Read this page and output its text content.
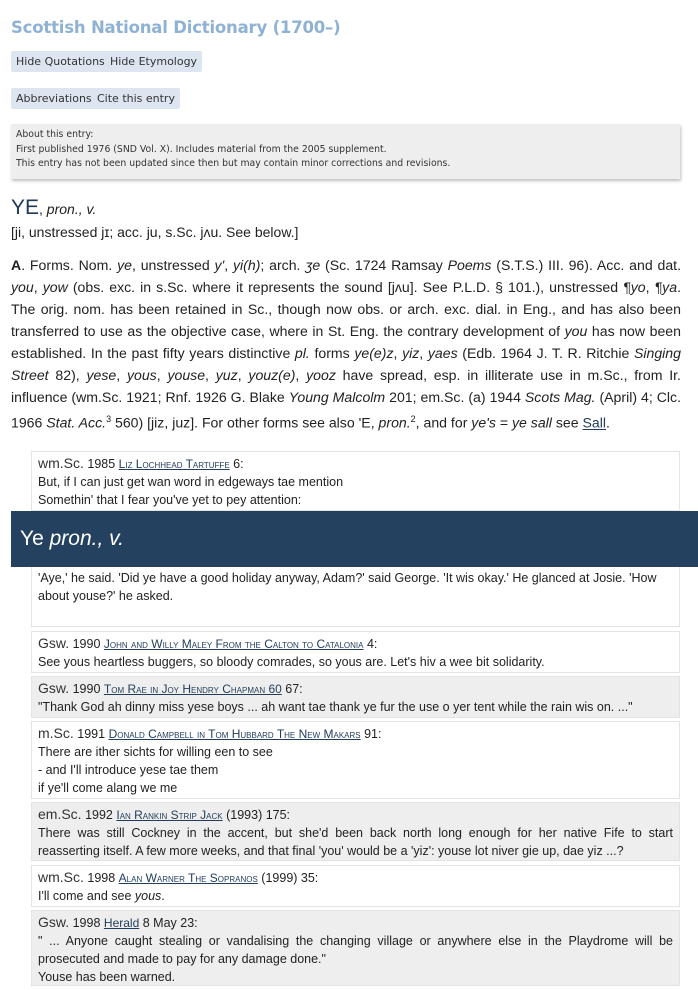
Scottish National Dictionary (1700–)
Hide Quotations Hide Etymology
Abbreviations Cite this entry
About this entry:
First published 1976 (SND Vol. X). Includes material from the 2005 supplement.
This entry has not been updated since then but may contain minor corrections and revisions.
YE, pron., v.
[ji, unstressed jɪ; acc. ju, s.Sc. jʌu. See below.]
A. Forms. Nom. ye, unstressed y', yi(h); arch. ʒe (Sc. 1724 Ramsay Poems (S.T.S.) III. 96). Acc. and dat. you, yow (obs. exc. in s.Sc. where it represents the sound [jʌu]. See P.L.D. § 101.), unstressed ¶yo, ¶ya. The orig. nom. has been retained in Sc., though now obs. or arch. exc. dial. in Eng., and has also been transferred to use as the objective case, where in St. Eng. the contrary development of you has now been established. In the past fifty years distinctive pl. forms ye(e)z, yiz, yaes (Edb. 1964 J. T. R. Ritchie Singing Street 82), yese, yous, youse, yuz, youz(e), yooz have spread, esp. in illiterate use in m.Sc., from Ir. influence (wm.Sc. 1921; Rnf. 1926 G. Blake Young Malcolm 201; em.Sc. (a) 1944 Scots Mag. (April) 4; Clc. 1966 Stat. Acc.$^3$ 560) [jiz, juz]. For other forms see also 'E, pron.$^2$, and for ye's = ye sall see Sall.
wm.Sc. 1985 Liz Lochhead Tartuffe 6:
But, if I can just get wan word in edgeways tae mention
Somethin' that I fear you've yet to pey attention:
'Aye,' he said. 'Did ye have a good holiday anyway, Adam?' said George. 'It wis okay.' He glanced at Josie. 'How about youse?' he asked.
Ye pron., v.
Gsw. 1990 John and Willy Maley From the Calton to Catalonia 4:
See yous heartless buggers, so bloody comrades, so yous are. Let's hiv a wee bit solidarity.
Gsw. 1990 Tom Rae in Joy Hendry Chapman 60 67:
"Thank God ah dinny miss yese boys ... ah want tae thank ye fur the use o yer tent while the rain wis on. ..."
m.Sc. 1991 Donald Campbell in Tom Hubbard The New Makars 91:
There are ither sichts for willing een to see
- and I'll introduce yese tae them
if ye'll come alang we me
em.Sc. 1992 Ian Rankin Strip Jack (1993) 175:
There was still Cockney in the accent, but she'd been back north long enough for her native Fife to start reasserting itself. A few more weeks, and that final 'you' would be a 'yiz': youse lot niver gie up, dae yiz ...?
wm.Sc. 1998 Alan Warner The Sopranos (1999) 35:
I'll come and see yous.
Gsw. 1998 Herald 8 May 23:
" ... Anyone caught stealing or vandalising the changing village or anywhere else in the Playdrome will be prosecuted and made to pay for any damage done."
Youse has been warned.
